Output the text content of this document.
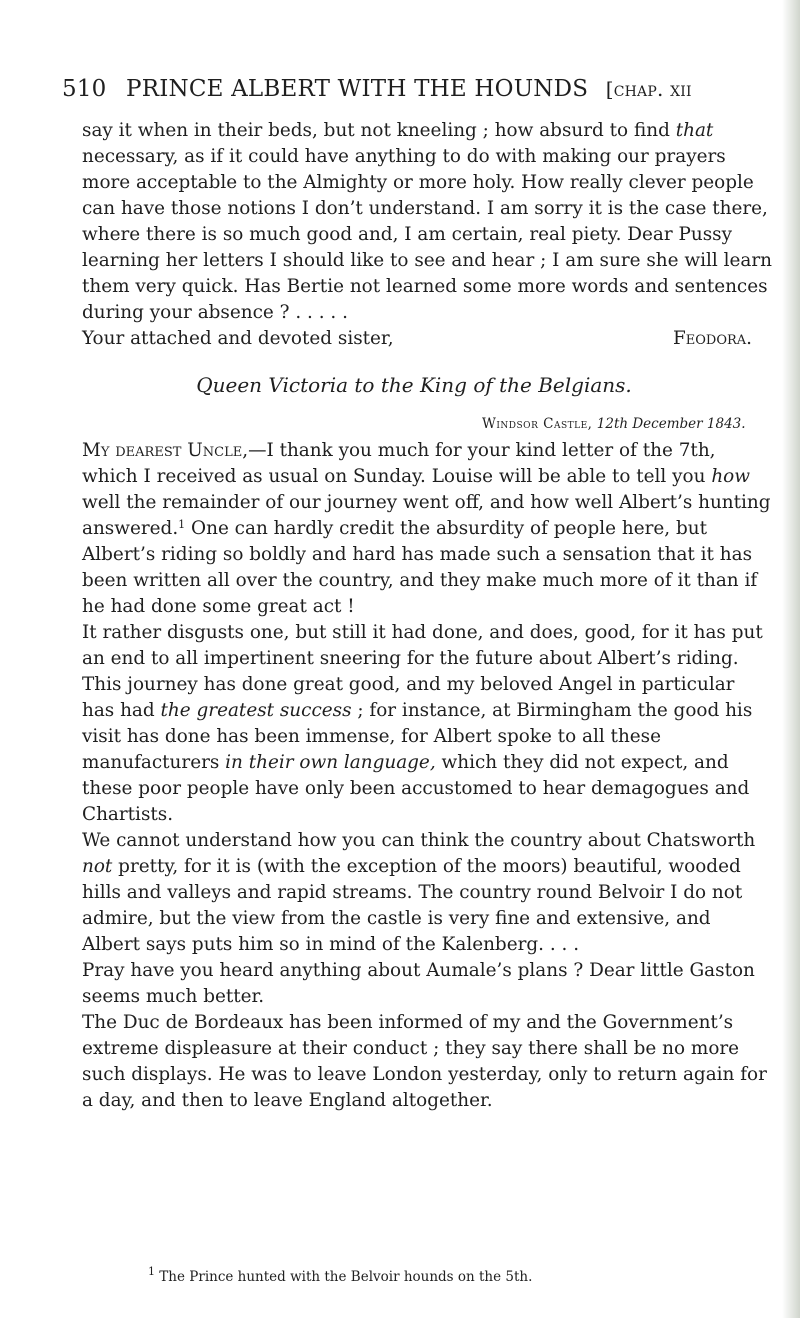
510 PRINCE ALBERT WITH THE HOUNDS [chap. xii

say it when in their beds, but not kneeling ; how absurd to find that necessary, as if it could have anything to do with making our prayers more acceptable to the Almighty or more holy. How really clever people can have those notions I don’t understand. I am sorry it is the case there, where there is so much good and, I am certain, real piety. Dear Pussy learning her letters I should like to see and hear ; I am sure she will learn them very quick. Has Bertie not learned some more words and sentences during your absence ? . . . . .

Your attached and devoted sister,	Feodora.
Queen Victoria to the King of the Belgians.
Windsor Castle, 12th December 1843.

My dearest Uncle,—I thank you much for your kind letter of the 7th, which I received as usual on Sunday. Louise will be able to tell you how well the remainder of our journey went off, and how well Albert’s hunting answered.$^1$ One can hardly credit the absurdity of people here, but Albert’s riding so boldly and hard has made such a sensation that it has been written all over the country, and they make much more of it than if he had done some great act !

It rather disgusts one, but still it had done, and does, good, for it has put an end to all impertinent sneering for the future about Albert’s riding. This journey has done great good, and my beloved Angel in particular has had the greatest success ; for instance, at Birmingham the good his visit has done has been immense, for Albert spoke to all these manufacturers in their own language, which they did not expect, and these poor people have only been accustomed to hear demagogues and Chartists.

We cannot understand how you can think the country about Chatsworth not pretty, for it is (with the exception of the moors) beautiful, wooded hills and valleys and rapid streams. The country round Belvoir I do not admire, but the view from the castle is very fine and extensive, and Albert says puts him so in mind of the Kalenberg. . . .

Pray have you heard anything about Aumale’s plans ? Dear little Gaston seems much better.

The Duc de Bordeaux has been informed of my and the Government’s extreme displeasure at their conduct ; they say there shall be no more such displays. He was to leave London yesterday, only to return again for a day, and then to leave England altogether.

$^1$ The Prince hunted with the Belvoir hounds on the 5th.
